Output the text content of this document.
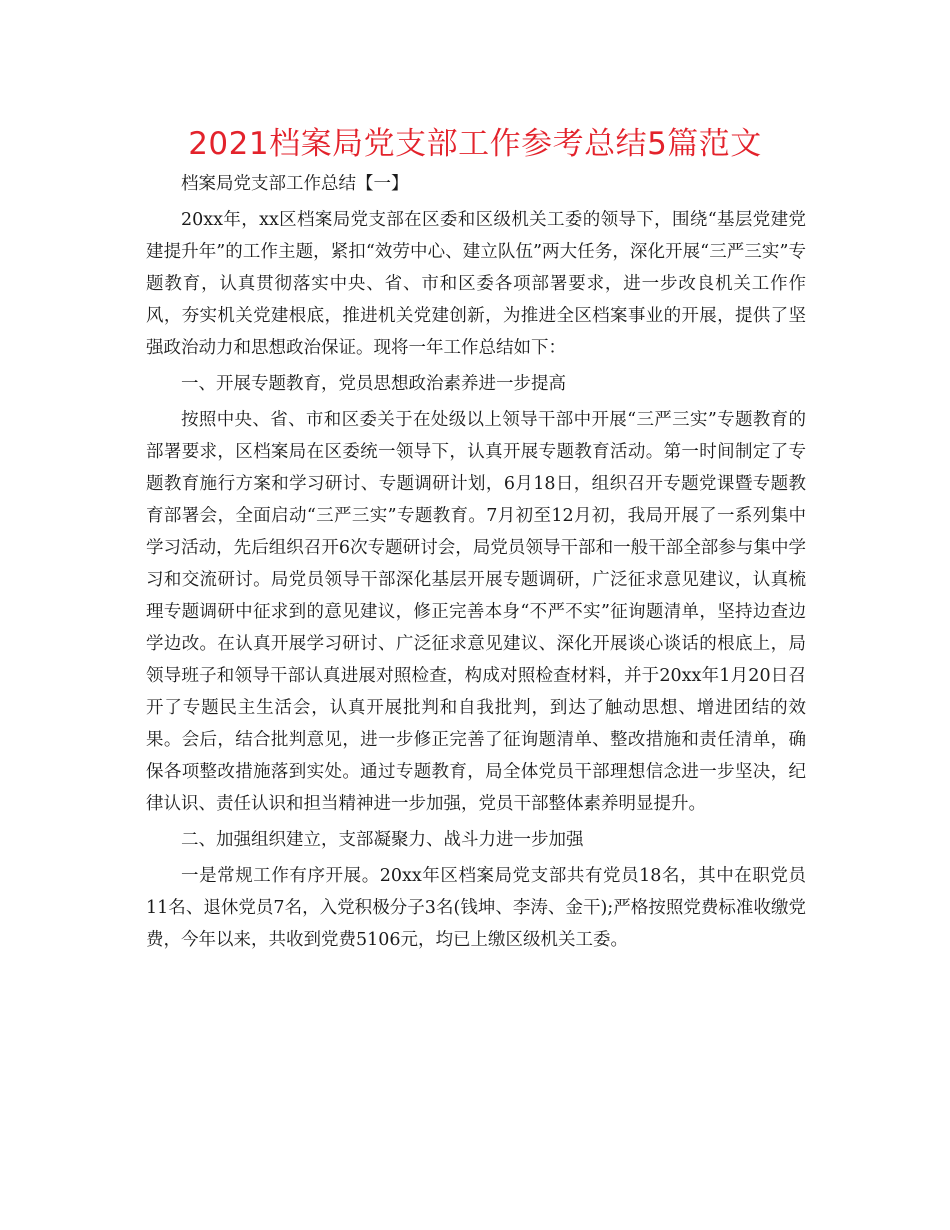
2021档案局党支部工作参考总结5篇范文

档案局党支部工作总结【一】

20xx年，xx区档案局党支部在区委和区级机关工委的领导下，围绕“基层党建党建提升年”的工作主题，紧扣“效劳中心、建立队伍”两大任务，深化开展“三严三实”专题教育，认真贯彻落实中央、省、市和区委各项部署要求，进一步改良机关工作作风，夯实机关党建根底，推进机关党建创新，为推进全区档案事业的开展，提供了坚强政治动力和思想政治保证。现将一年工作总结如下：

一、开展专题教育，党员思想政治素养进一步提高

按照中央、省、市和区委关于在处级以上领导干部中开展“三严三实”专题教育的部署要求，区档案局在区委统一领导下，认真开展专题教育活动。第一时间制定了专题教育施行方案和学习研讨、专题调研计划，6月18日，组织召开专题党课暨专题教育部署会，全面启动“三严三实”专题教育。7月初至12月初，我局开展了一系列集中学习活动，先后组织召开6次专题研讨会，局党员领导干部和一般干部全部参与集中学习和交流研讨。局党员领导干部深化基层开展专题调研，广泛征求意见建议，认真梳理专题调研中征求到的意见建议，修正完善本身“不严不实”征询题清单，坚持边查边学边改。在认真开展学习研讨、广泛征求意见建议、深化开展谈心谈话的根底上，局领导班子和领导干部认真进展对照检查，构成对照检查材料，并于20xx年1月20日召开了专题民主生活会，认真开展批判和自我批判，到达了触动思想、增进团结的效果。会后，结合批判意见，进一步修正完善了征询题清单、整改措施和责任清单，确保各项整改措施落到实处。通过专题教育，局全体党员干部理想信念进一步坚决，纪律认识、责任认识和担当精神进一步加强，党员干部整体素养明显提升。

二、加强组织建立，支部凝聚力、战斗力进一步加强

一是常规工作有序开展。20xx年区档案局党支部共有党员18名，其中在职党员11名、退休党员7名，入党积极分子3名(钱坤、李涛、金干);严格按照党费标准收缴党费，今年以来，共收到党费5106元，均已上缴区级机关工委。
